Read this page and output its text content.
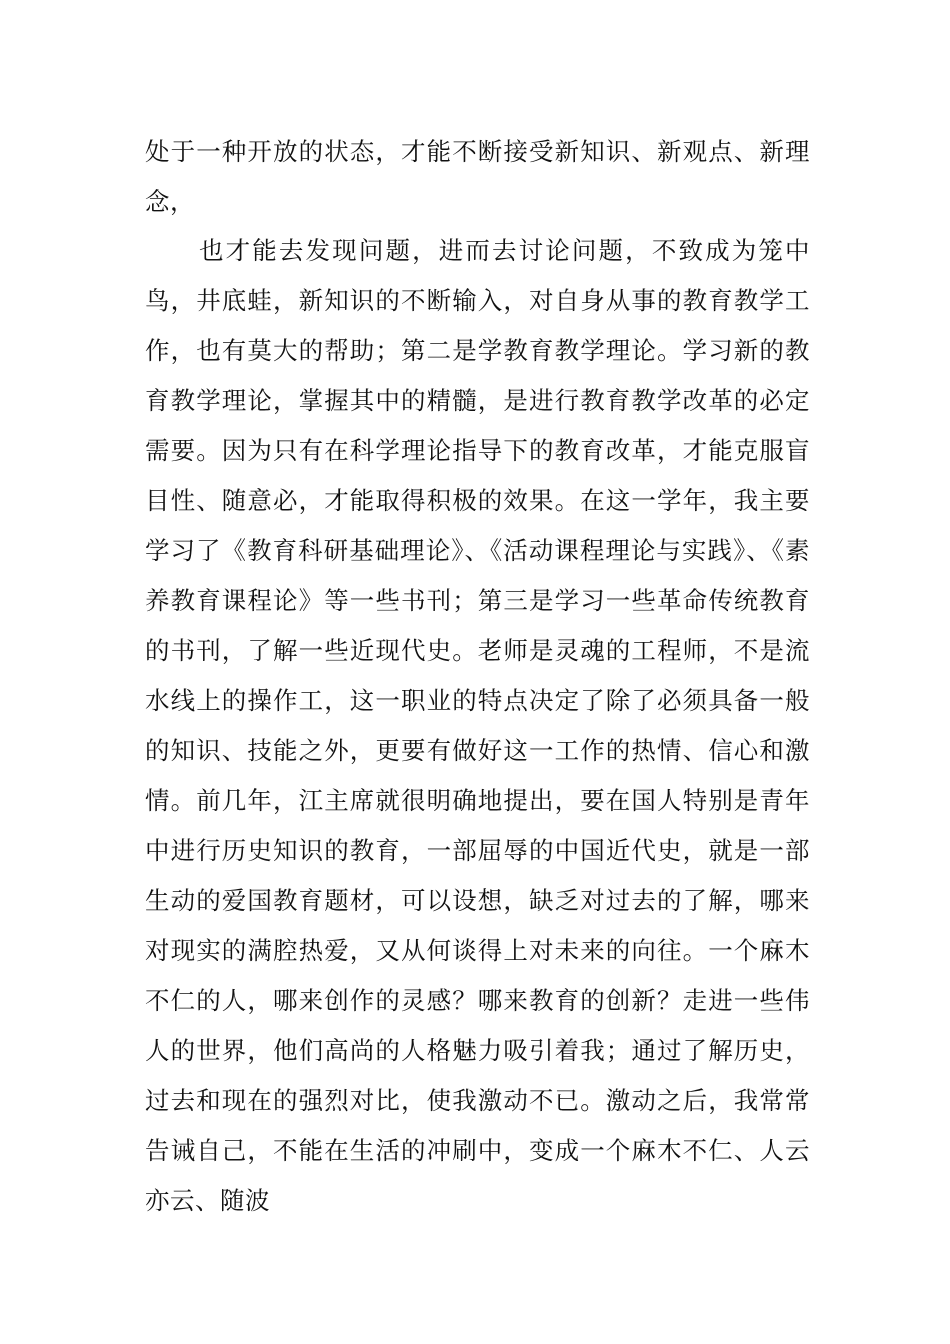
处于一种开放的状态，才能不断接受新知识、新观点、新理念，

也才能去发现问题，进而去讨论问题，不致成为笼中鸟，井底蛙，新知识的不断输入，对自身从事的教育教学工作，也有莫大的帮助；第二是学教育教学理论。学习新的教育教学理论，掌握其中的精髓，是进行教育教学改革的必定需要。因为只有在科学理论指导下的教育改革，才能克服盲目性、随意必，才能取得积极的效果。在这一学年，我主要学习了《教育科研基础理论》、《活动课程理论与实践》、《素养教育课程论》等一些书刊；第三是学习一些革命传统教育的书刊，了解一些近现代史。老师是灵魂的工程师，不是流水线上的操作工，这一职业的特点决定了除了必须具备一般的知识、技能之外，更要有做好这一工作的热情、信心和激情。前几年，江主席就很明确地提出，要在国人特别是青年中进行历史知识的教育，一部屈辱的中国近代史，就是一部生动的爱国教育题材，可以设想，缺乏对过去的了解，哪来对现实的满腔热爱，又从何谈得上对未来的向往。一个麻木不仁的人，哪来创作的灵感？哪来教育的创新？走进一些伟人的世界，他们高尚的人格魅力吸引着我；通过了解历史，过去和现在的强烈对比，使我激动不已。激动之后，我常常告诫自己，不能在生活的冲刷中，变成一个麻木不仁、人云亦云、随波
